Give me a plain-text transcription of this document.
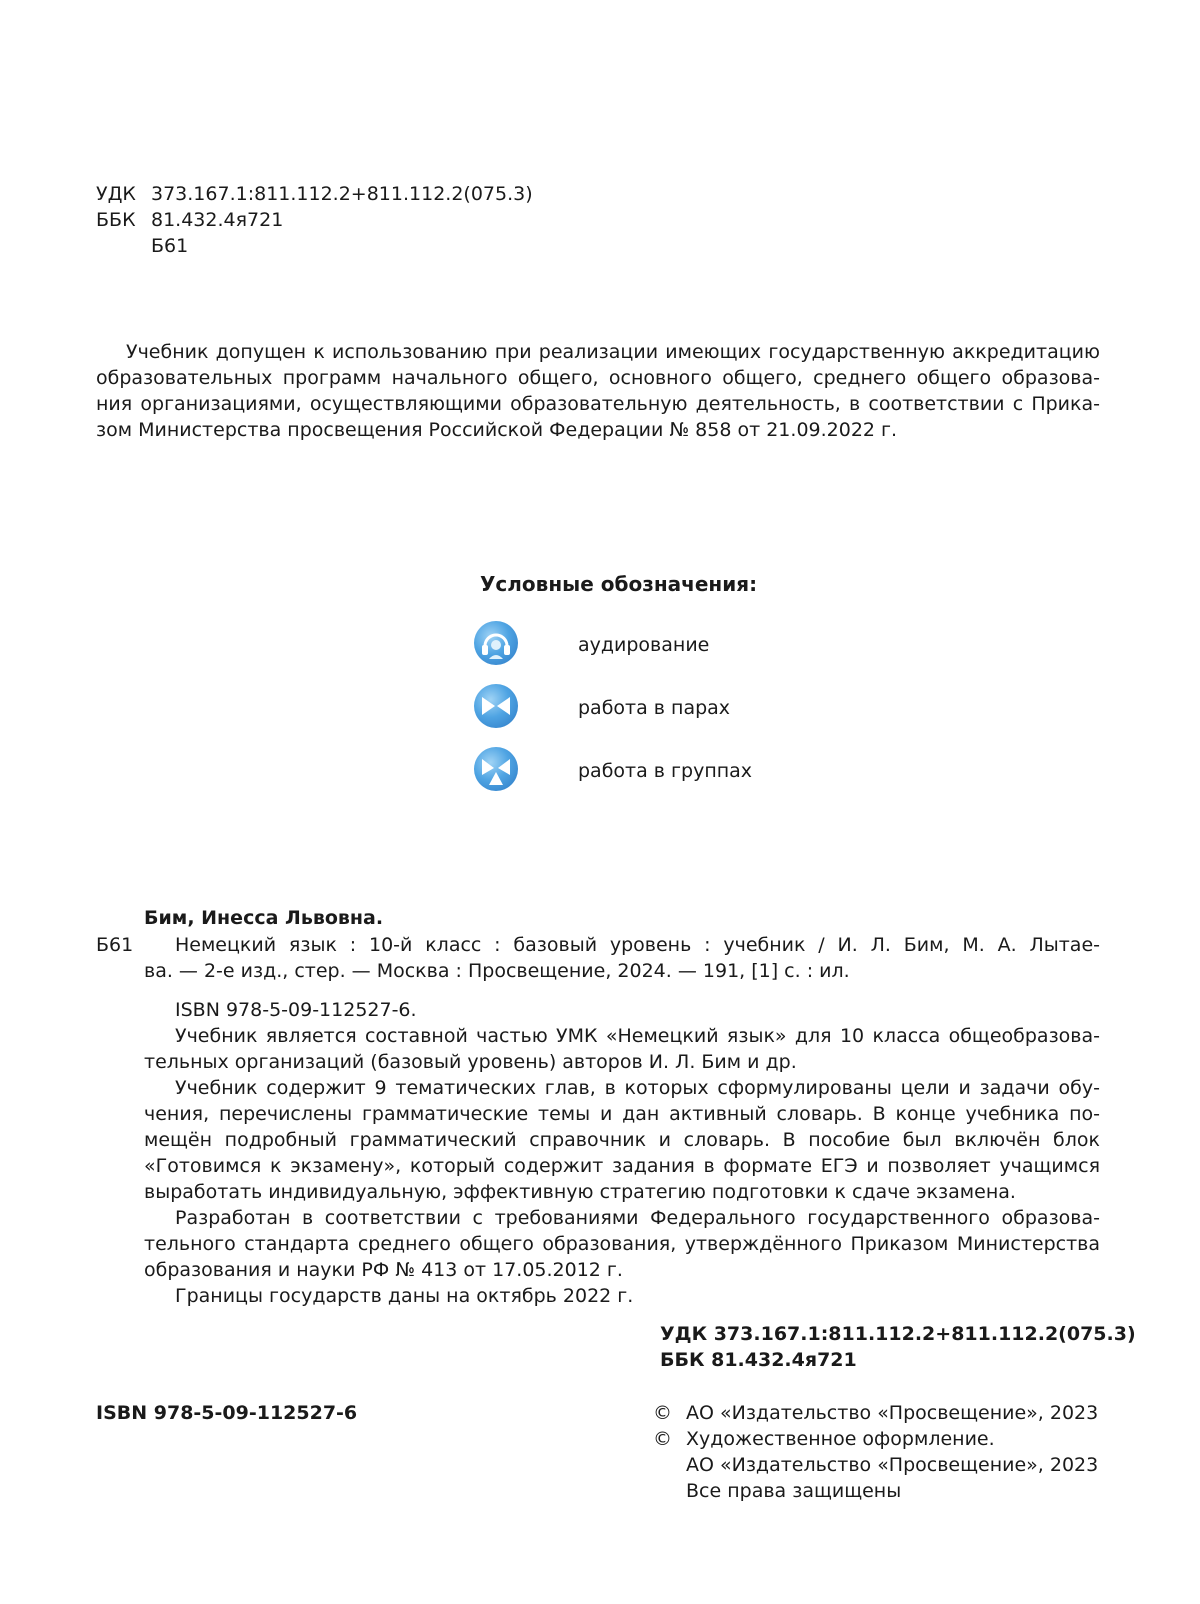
УДК 373.167.1:811.112.2+811.112.2(075.3)
ББК 81.432.4я721
Б61
Учебник допущен к использованию при реализации имеющих государственную аккредитацию
образовательных программ начального общего, основного общего, среднего общего образова-
ния организациями, осуществляющими образовательную деятельность, в соответствии с Прика-
зом Министерства просвещения Российской Федерации № 858 от 21.09.2022 г.
Условные обозначения:
аудирование
работа в парах
работа в группах
Бим, Инесса Львовна.
Б61 Немецкий язык : 10-й класс : базовый уровень : учебник / И. Л. Бим, М. А. Лытае-
ва. — 2-е изд., стер. — Москва : Просвещение, 2024. — 191, [1] с. : ил.
ISBN 978-5-09-112527-6.
Учебник является составной частью УМК «Немецкий язык» для 10 класса общеобразова-
тельных организаций (базовый уровень) авторов И. Л. Бим и др.
Учебник содержит 9 тематических глав, в которых сформулированы цели и задачи обу-
чения, перечислены грамматические темы и дан активный словарь. В конце учебника по-
мещён подробный грамматический справочник и словарь. В пособие был включён блок
«Готовимся к экзамену», который содержит задания в формате ЕГЭ и позволяет учащимся
выработать индивидуальную, эффективную стратегию подготовки к сдаче экзамена.
Разработан в соответствии с требованиями Федерального государственного образова-
тельного стандарта среднего общего образования, утверждённого Приказом Министерства
образования и науки РФ № 413 от 17.05.2012 г.
Границы государств даны на октябрь 2022 г.
УДК 373.167.1:811.112.2+811.112.2(075.3)
ББК 81.432.4я721
ISBN 978-5-09-112527-6	© АО «Издательство «Просвещение», 2023
© Художественное оформление.
АО «Издательство «Просвещение», 2023
Все права защищены
